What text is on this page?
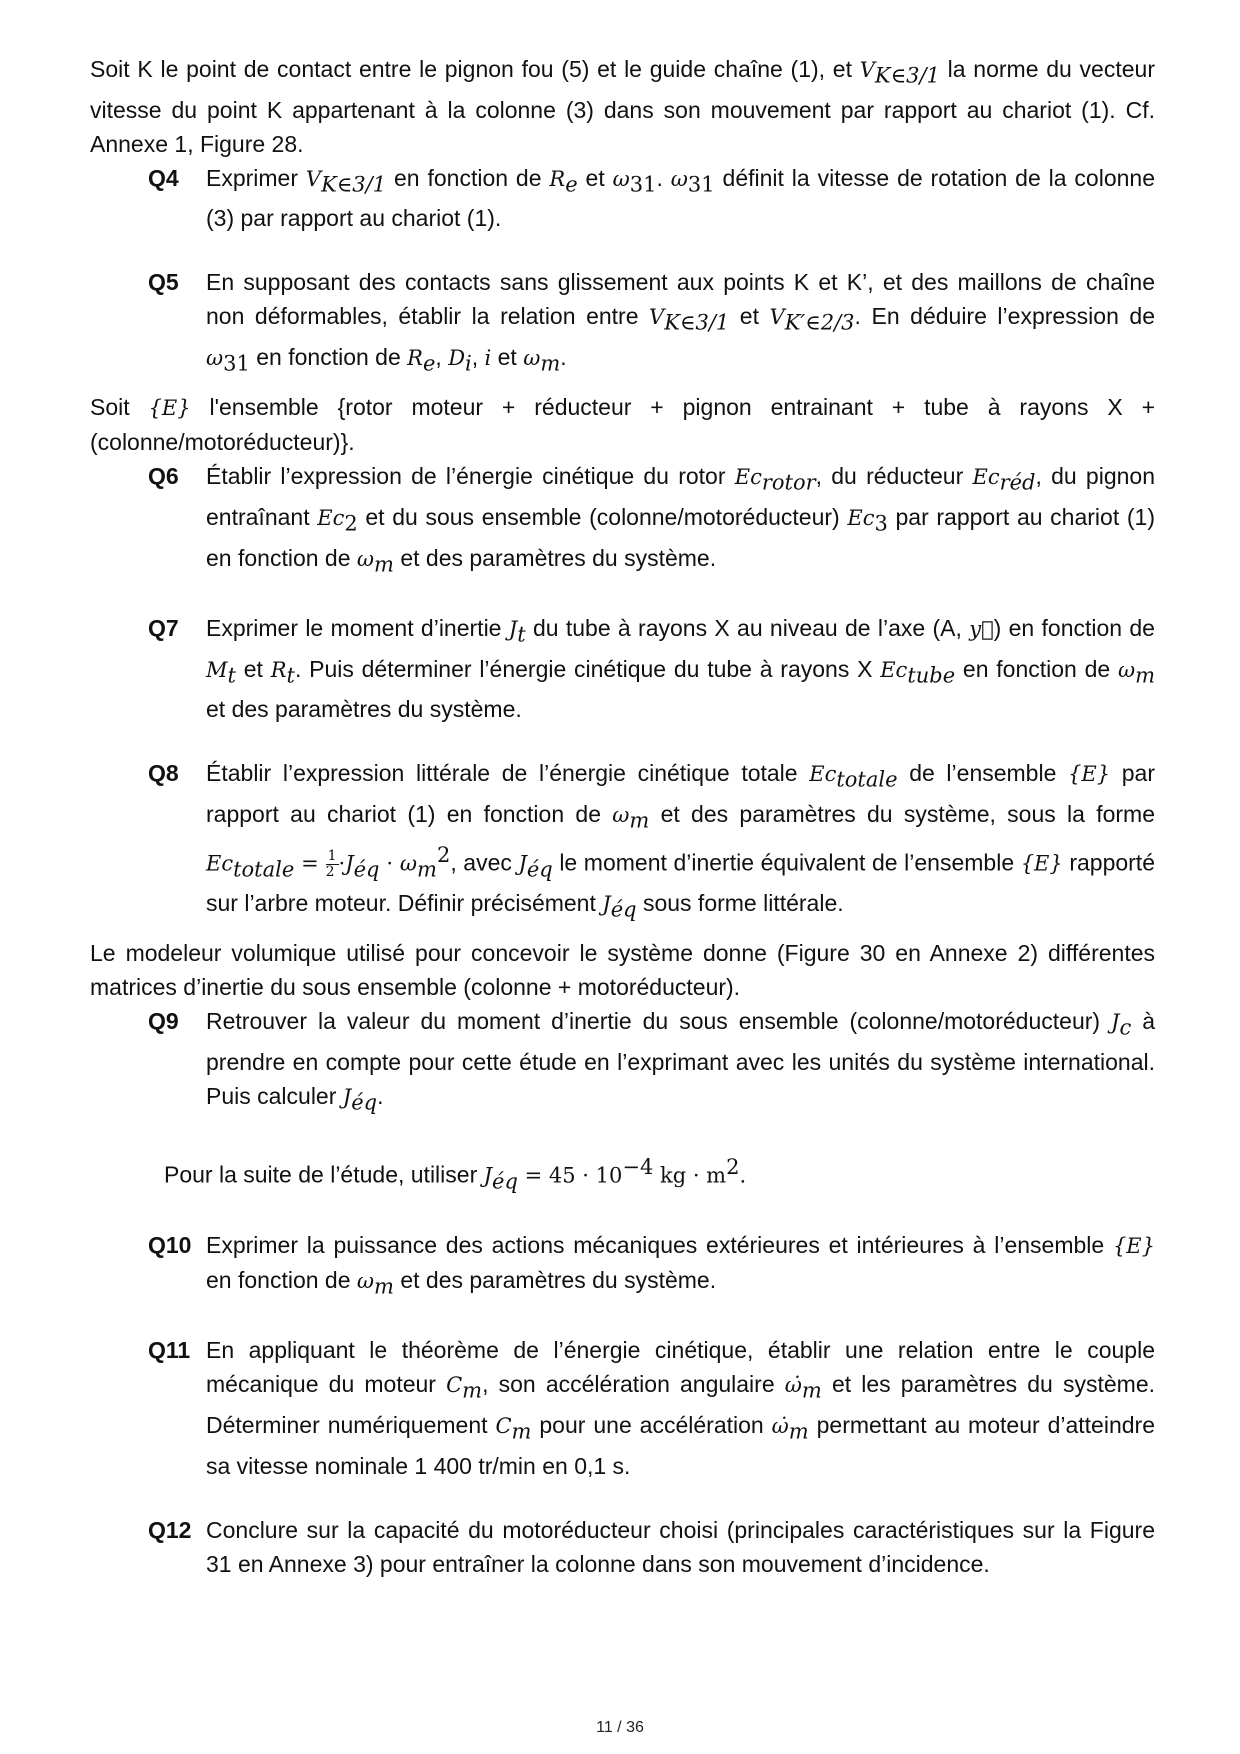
Soit K le point de contact entre le pignon fou (5) et le guide chaîne (1), et $V_{K\in 3/1}$ la norme du vecteur vitesse du point K appartenant à la colonne (3) dans son mouvement par rapport au chariot (1). Cf. Annexe 1, Figure 28.

Q4	Exprimer $V_{K\in 3/1}$ en fonction de $R_e$ et $\omega_{31}$. $\omega_{31}$ définit la vitesse de rotation de la colonne (3) par rapport au chariot (1).
Q5	En supposant des contacts sans glissement aux points K et K’, et des maillons de chaîne non déformables, établir la relation entre $V_{K\in 3/1}$ et $V_{K'\in 2/3}$. En déduire l’expression de $\omega_{31}$ en fonction de $R_e$, $D_i$, i et $\omega_m$.

Soit {E} l'ensemble {rotor moteur + réducteur + pignon entrainant + tube à rayons X + (colonne/motoréducteur)}.

Q6	Établir l’expression de l’énergie cinétique du rotor $Ec_{rotor}$, du réducteur $Ec_{réd}$, du pignon entraînant $Ec_2$ et du sous ensemble (colonne/motoréducteur) $Ec_3$ par rapport au chariot (1) en fonction de $\omega_m$ et des paramètres du système.
Q7	Exprimer le moment d’inertie $J_t$ du tube à rayons X au niveau de l’axe (A, y⃗) en fonction de $M_t$ et $R_t$. Puis déterminer l’énergie cinétique du tube à rayons X $Ec_{tube}$ en fonction de $\omega_m$ et des paramètres du système.
Q8	Établir l’expression littérale de l’énergie cinétique totale $Ec_{totale}$ de l’ensemble {E} par rapport au chariot (1) en fonction de $\omega_m$ et des paramètres du système, sous la forme $Ec_{totale} = \frac{1}{2} \cdot J_{éq} \cdot \omega_m^2$, avec $J_{éq}$ le moment d’inertie équivalent de l’ensemble {E} rapporté sur l’arbre moteur. Définir précisément $J_{éq}$ sous forme littérale.

Le modeleur volumique utilisé pour concevoir le système donne (Figure 30 en Annexe 2) différentes matrices d’inertie du sous ensemble (colonne + motoréducteur).

Q9	Retrouver la valeur du moment d’inertie du sous ensemble (colonne/motoréducteur) $J_c$ à prendre en compte pour cette étude en l’exprimant avec les unités du système international. Puis calculer $J_{éq}$.

Pour la suite de l’étude, utiliser $J_{éq} = 45 \cdot 10^{-4}$ kg · $m^2$.

Q10 Exprimer la puissance des actions mécaniques extérieures et intérieures à l’ensemble {E} en fonction de $\omega_m$ et des paramètres du système.
Q11 En appliquant le théorème de l’énergie cinétique, établir une relation entre le couple mécanique du moteur $C_m$, son accélération angulaire $\omegȧ_m$ et les paramètres du système. Déterminer numériquement $C_m$ pour une accélération $\omegȧ_m$ permettant au moteur d’atteindre sa vitesse nominale 1 400 tr/min en 0,1 s.
Q12 Conclure sur la capacité du motoréducteur choisi (principales caractéristiques sur la Figure 31 en Annexe 3) pour entraîner la colonne dans son mouvement d’incidence.
11 / 36
